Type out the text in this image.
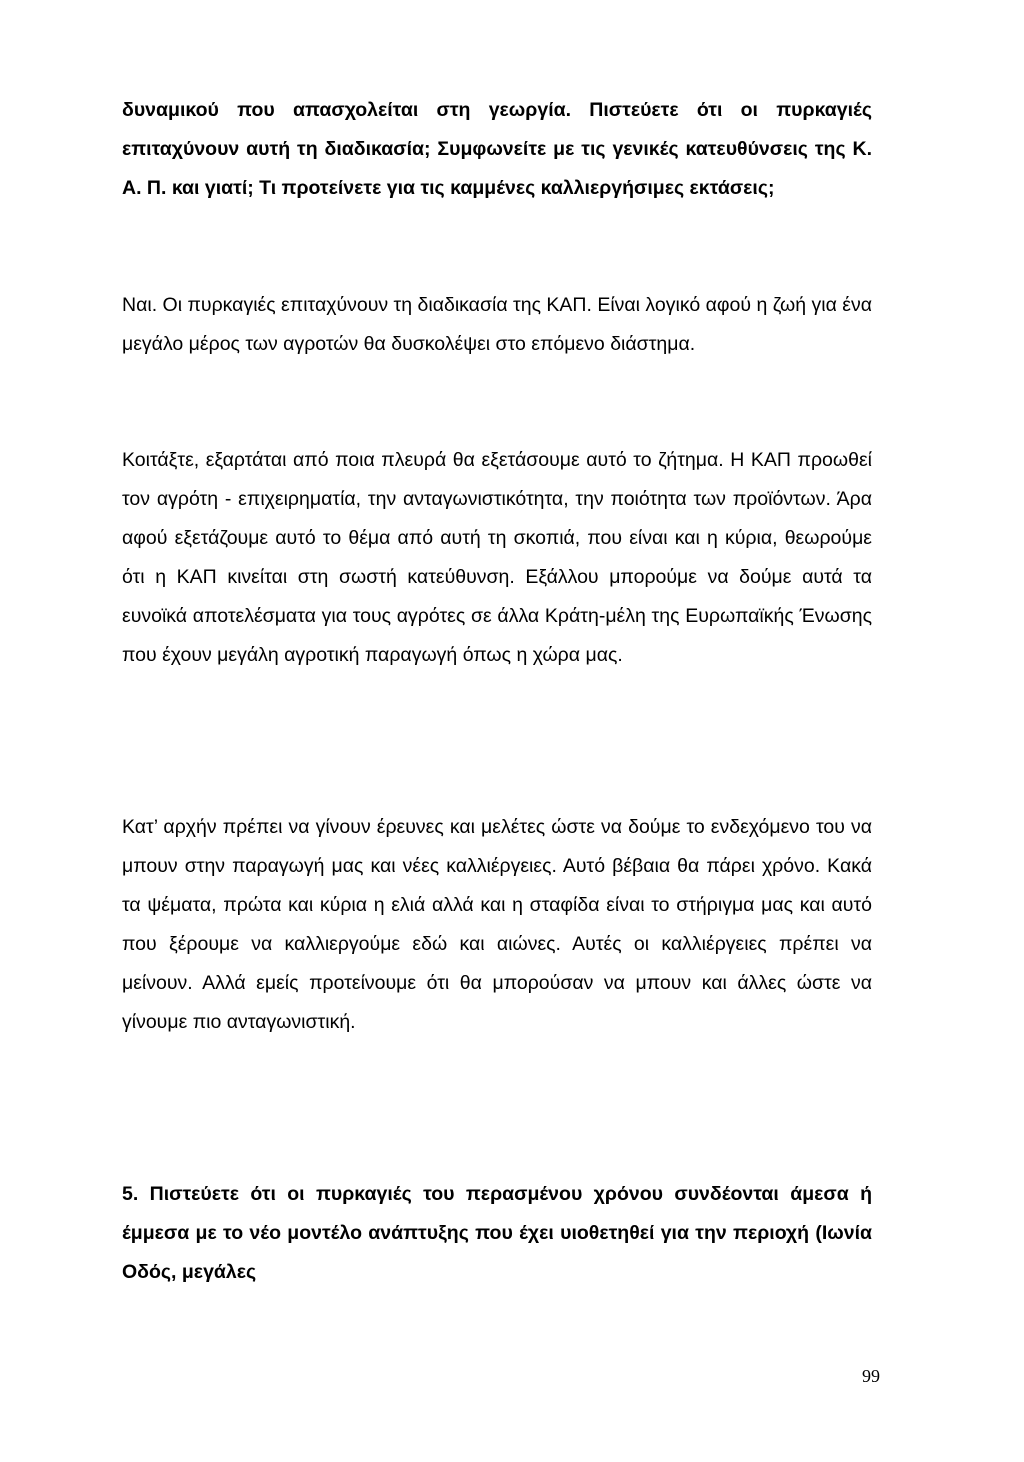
δυναμικού που απασχολείται στη γεωργία. Πιστεύετε ότι οι πυρκαγιές επιταχύνουν αυτή τη διαδικασία; Συμφωνείτε με τις γενικές κατευθύνσεις της Κ. Α. Π. και γιατί; Τι προτείνετε για τις καμμένες καλλιεργήσιμες εκτάσεις;

Ναι. Οι πυρκαγιές επιταχύνουν τη διαδικασία της ΚΑΠ. Είναι λογικό αφού η ζωή για ένα μεγάλο μέρος των αγροτών θα δυσκολέψει στο επόμενο διάστημα.

Κοιτάξτε, εξαρτάται από ποια πλευρά θα εξετάσουμε αυτό το ζήτημα. Η ΚΑΠ προωθεί τον αγρότη - επιχειρηματία, την ανταγωνιστικότητα, την ποιότητα των προϊόντων. Άρα αφού εξετάζουμε αυτό το θέμα από αυτή τη σκοπιά, που είναι και η κύρια, θεωρούμε ότι η ΚΑΠ κινείται στη σωστή κατεύθυνση. Εξάλλου μπορούμε να δούμε αυτά τα ευνοϊκά αποτελέσματα για τους αγρότες σε άλλα Κράτη-μέλη της Ευρωπαϊκής Ένωσης που έχουν μεγάλη αγροτική παραγωγή όπως η χώρα μας.

Κατ’ αρχήν πρέπει να γίνουν έρευνες και μελέτες ώστε να δούμε το ενδεχόμενο του να μπουν στην παραγωγή μας και νέες καλλιέργειες. Αυτό βέβαια θα πάρει χρόνο. Κακά τα ψέματα, πρώτα και κύρια η ελιά αλλά και η σταφίδα είναι το στήριγμα μας και αυτό που ξέρουμε να καλλιεργούμε εδώ και αιώνες. Αυτές οι καλλιέργειες πρέπει να μείνουν. Αλλά εμείς προτείνουμε ότι θα μπορούσαν να μπουν και άλλες ώστε να γίνουμε πιο ανταγωνιστική.

5. Πιστεύετε ότι οι πυρκαγιές του περασμένου χρόνου συνδέονται άμεσα ή έμμεσα με το νέο μοντέλο ανάπτυξης που έχει υιοθετηθεί για την περιοχή (Ιωνία Οδός, μεγάλες

99
